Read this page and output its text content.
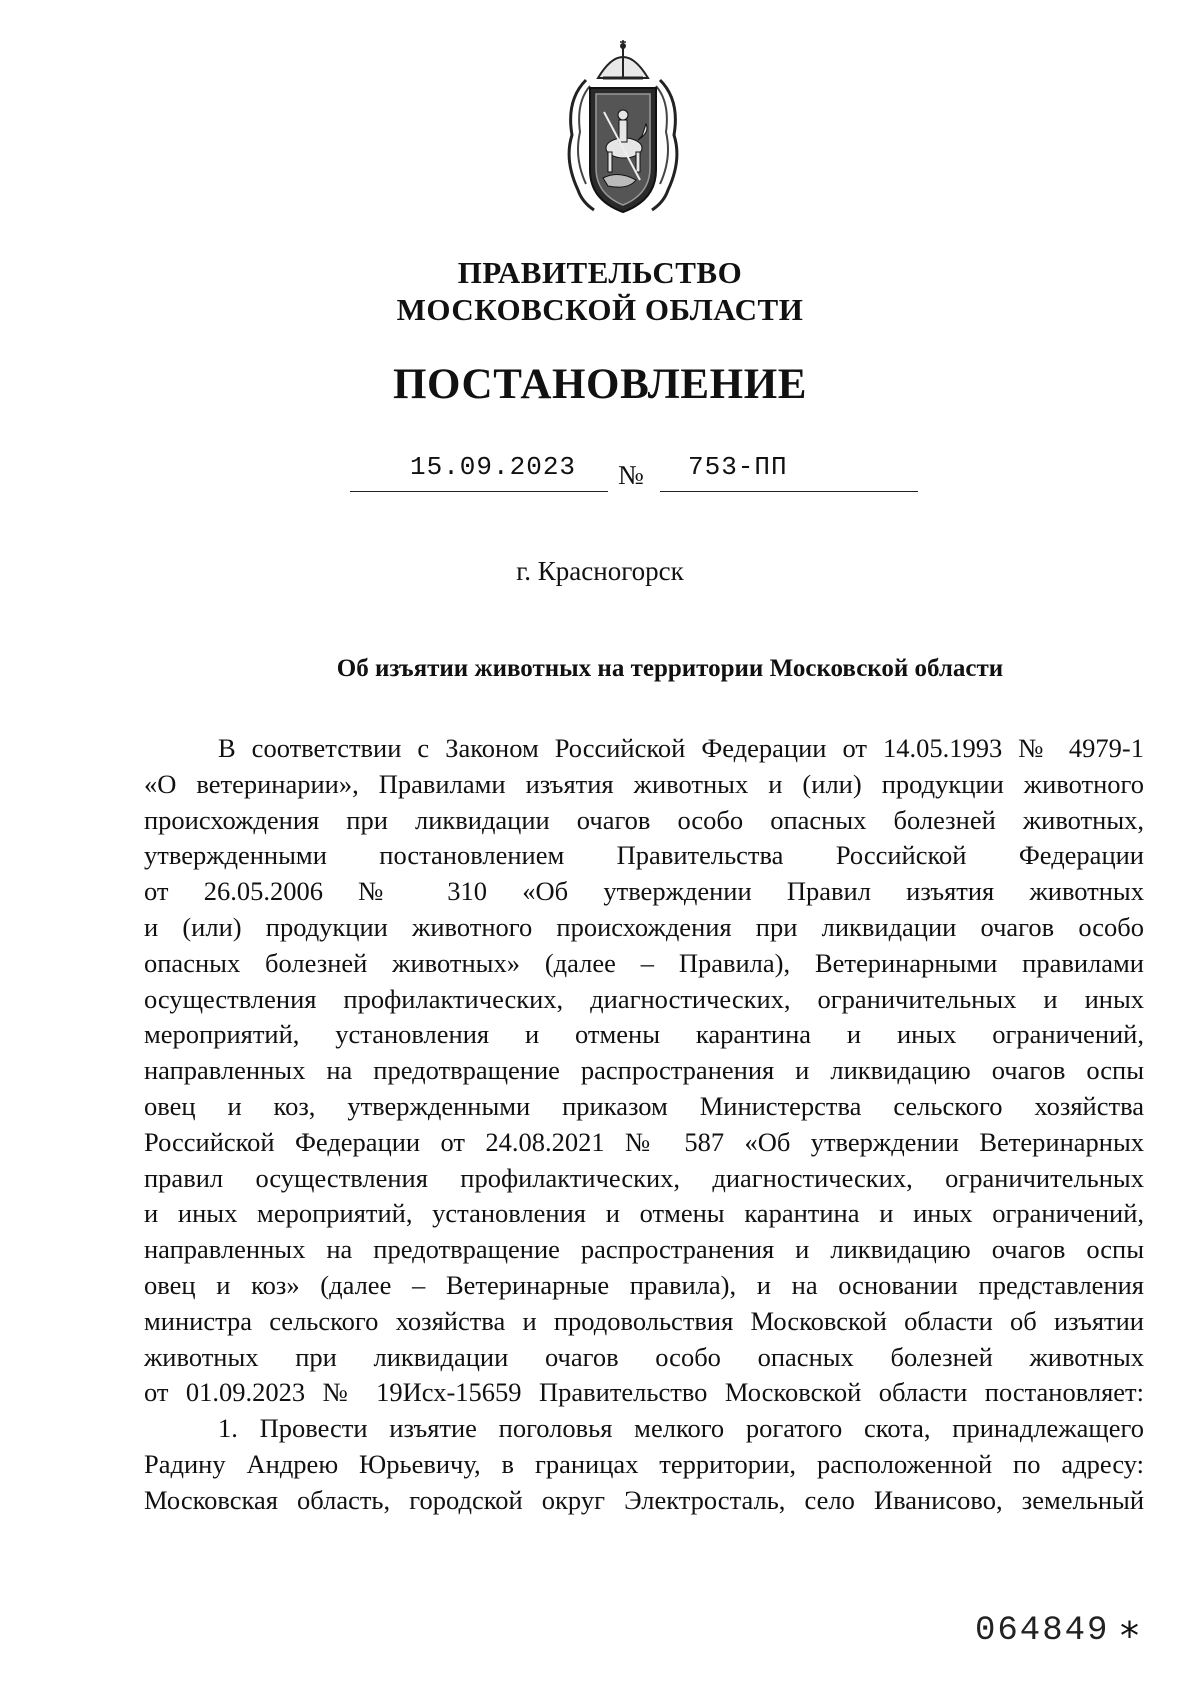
ПРАВИТЕЛЬСТВО
МОСКОВСКОЙ ОБЛАСТИ
ПОСТАНОВЛЕНИЕ
15.09.2023 № 753-ПП
г. Красногорск
Об изъятии животных на территории Московской области

В соответствии с Законом Российской Федерации от 14.05.1993 № 4979-1

«О ветеринарии», Правилами изъятия животных и (или) продукции животного

происхождения при ликвидации очагов особо опасных болезней животных,

утвержденными постановлением Правительства Российской Федерации

от 26.05.2006 № 310 «Об утверждении Правил изъятия животных

и (или) продукции животного происхождения при ликвидации очагов особо

опасных болезней животных» (далее – Правила), Ветеринарными правилами

осуществления профилактических, диагностических, ограничительных и иных

мероприятий, установления и отмены карантина и иных ограничений,

направленных на предотвращение распространения и ликвидацию очагов оспы

овец и коз, утвержденными приказом Министерства сельского хозяйства

Российской Федерации от 24.08.2021 № 587 «Об утверждении Ветеринарных

правил осуществления профилактических, диагностических, ограничительных

и иных мероприятий, установления и отмены карантина и иных ограничений,

направленных на предотвращение распространения и ликвидацию очагов оспы

овец и коз» (далее – Ветеринарные правила), и на основании представления

министра сельского хозяйства и продовольствия Московской области об изъятии

животных при ликвидации очагов особо опасных болезней животных

от 01.09.2023 № 19Исх-15659 Правительство Московской области постановляет:

1. Провести изъятие поголовья мелкого рогатого скота, принадлежащего

Радину Андрею Юрьевичу, в границах территории, расположенной по адресу:

Московская область, городской округ Электросталь, село Иванисово, земельный

064849 *
